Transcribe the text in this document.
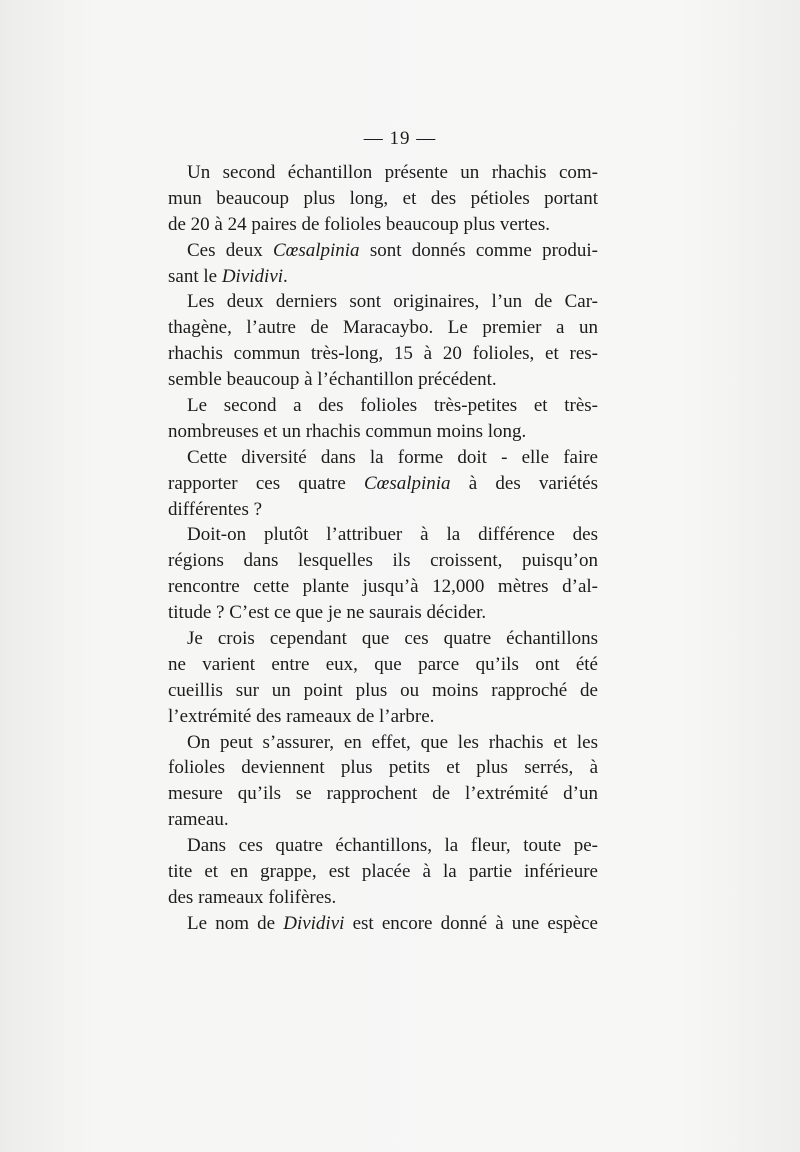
— 19 —
Un second échantillon présente un rhachis com-
mun beaucoup plus long, et des pétioles portant
de 20 à 24 paires de folioles beaucoup plus vertes.
Ces deux Cœsalpinia sont donnés comme produi-
sant le Dividivi.
Les deux derniers sont originaires, l’un de Car-
thagène, l’autre de Maracaybo. Le premier a un
rhachis commun très-long, 15 à 20 folioles, et res-
semble beaucoup à l’échantillon précédent.
Le second a des folioles très-petites et très-
nombreuses et un rhachis commun moins long.
Cette diversité dans la forme doit - elle faire
rapporter ces quatre Cœsalpinia à des variétés
différentes ?
Doit-on plutôt l’attribuer à la différence des
régions dans lesquelles ils croissent, puisqu’on
rencontre cette plante jusqu’à 12,000 mètres d’al-
titude ? C’est ce que je ne saurais décider.
Je crois cependant que ces quatre échantillons
ne varient entre eux, que parce qu’ils ont été
cueillis sur un point plus ou moins rapproché de
l’extrémité des rameaux de l’arbre.
On peut s’assurer, en effet, que les rhachis et les
folioles deviennent plus petits et plus serrés, à
mesure qu’ils se rapprochent de l’extrémité d’un
rameau.
Dans ces quatre échantillons, la fleur, toute pe-
tite et en grappe, est placée à la partie inférieure
des rameaux folifères.
Le nom de Dividivi est encore donné à une espèce
